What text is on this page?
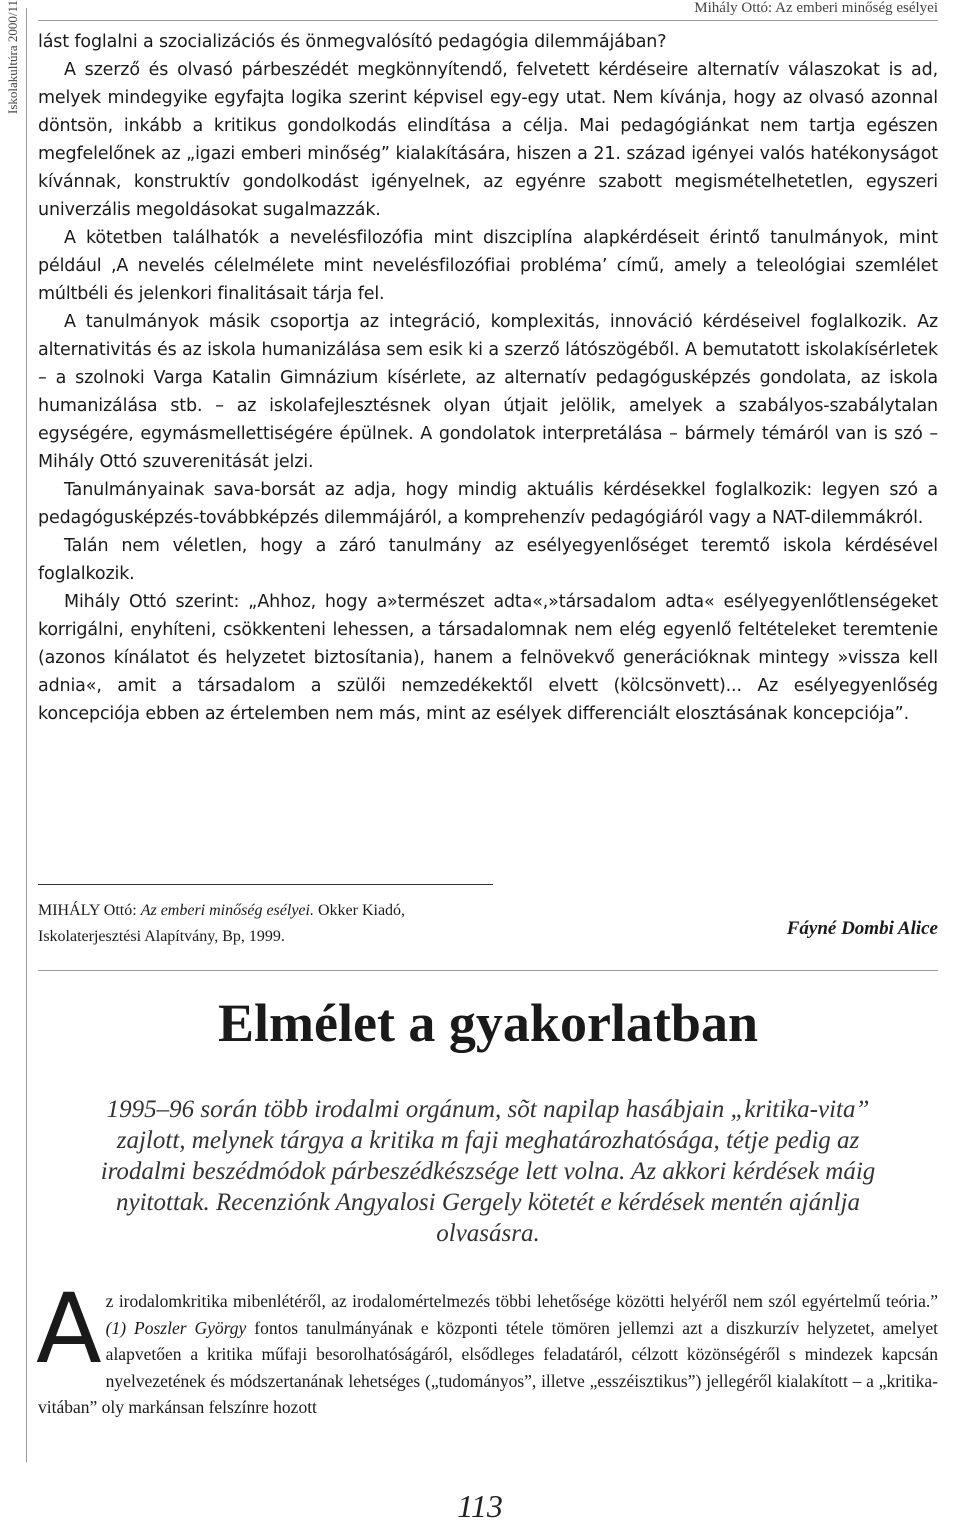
Iskolakultúra 2000/11	Mihály Ottó: Az emberi minőség esélyei

lást foglalni a szocializációs és önmegvalósító pedagógia dilemmájában?

A szerző és olvasó párbeszédét megkönnyítendő, felvetett kérdéseire alternatív válaszokat is ad, melyek mindegyike egyfajta logika szerint képvisel egy-egy utat. Nem kívánja, hogy az olvasó azonnal döntsön, inkább a kritikus gondolkodás elindítása a célja. Mai pedagógiánkat nem tartja egészen megfelelőnek az „igazi emberi minőség” kialakítására, hiszen a 21. század igényei valós hatékonyságot kívánnak, konstruktív gondolkodást igényelnek, az egyénre szabott megismételhetetlen, egyszeri univerzális megoldásokat sugalmazzák.

A kötetben találhatók a nevelésfilozófia mint diszciplína alapkérdéseit érintő tanulmányok, mint például ‚A nevelés célelmélete mint nevelésfilozófiai probléma’ című, amely a teleológiai szemlélet múltbéli és jelenkori finalitásait tárja fel.

A tanulmányok másik csoportja az integráció, komplexitás, innováció kérdéseivel foglalkozik. Az alternativitás és az iskola humanizálása sem esik ki a szerző látószögéből. A bemutatott iskolakísérletek – a szolnoki Varga Katalin Gimnázium kísérlete, az alternatív pedagógusképzés gondolata, az iskola humanizálása stb. – az iskolafejlesztésnek olyan útjait jelölik, amelyek a szabályos-szabálytalan egységére, egymásmellettiségére épülnek. A gondolatok interpretálása – bármely témáról van is szó – Mihály Ottó szuverenitását jelzi.

Tanulmányainak sava-borsát az adja, hogy mindig aktuális kérdésekkel foglalkozik: legyen szó a pedagógusképzés-továbbképzés dilemmájáról, a komprehenzív pedagógiáról vagy a NAT-dilemmákról.

Talán nem véletlen, hogy a záró tanulmány az esélyegyenlőséget teremtő iskola kérdésével foglalkozik.

Mihály Ottó szerint: „Ahhoz, hogy a»természet adta«,»társadalom adta« esélyegyenlőtlenségeket korrigálni, enyhíteni, csökkenteni lehessen, a társadalomnak nem elég egyenlő feltételeket teremtenie (azonos kínálatot és helyzetet biztosítania), hanem a felnövekvő generációknak mintegy »vissza kell adnia«, amit a társadalom a szülői nemzedékektől elvett (kölcsönvett)... Az esélyegyenlőség koncepciója ebben az értelemben nem más, mint az esélyek differenciált elosztásának koncepciója”.

MIHÁLY Ottó: Az emberi minőség esélyei. Okker Kiadó,
Iskolaterjesztési Alapítvány, Bp, 1999.	Fáyné Dombi Alice
Elmélet a gyakorlatban
1995–96 során több irodalmi orgánum, sõt napilap hasábjain „kritika-vita” zajlott, melynek tárgya a kritika m faji meghatározhatósága, tétje pedig az irodalmi beszédmódok párbeszédkészsége lett volna. Az akkori kérdések máig nyitottak. Recenziónk Angyalosi Gergely kötetét e kérdések mentén ajánlja olvasásra.

Az irodalomkritika mibenlétéről, az irodalomértelmezés többi lehetősége közötti helyéről nem szól egyértelmű teória.” (1) Poszler György fontos tanulmányának e központi tétele tömören jellemzi azt a diszkurzív helyzetet, amelyet alapvetően a kritika műfaji besorolhatóságáról, elsődleges feladatáról, célzott közönségéről s mindezek kapcsán nyelvezetének és módszertanának lehetséges („tudományos”, illetve „esszéisztikus”) jellegéről kialakított – a „kritika-vitában” oly markánsan felszínre hozott

113
